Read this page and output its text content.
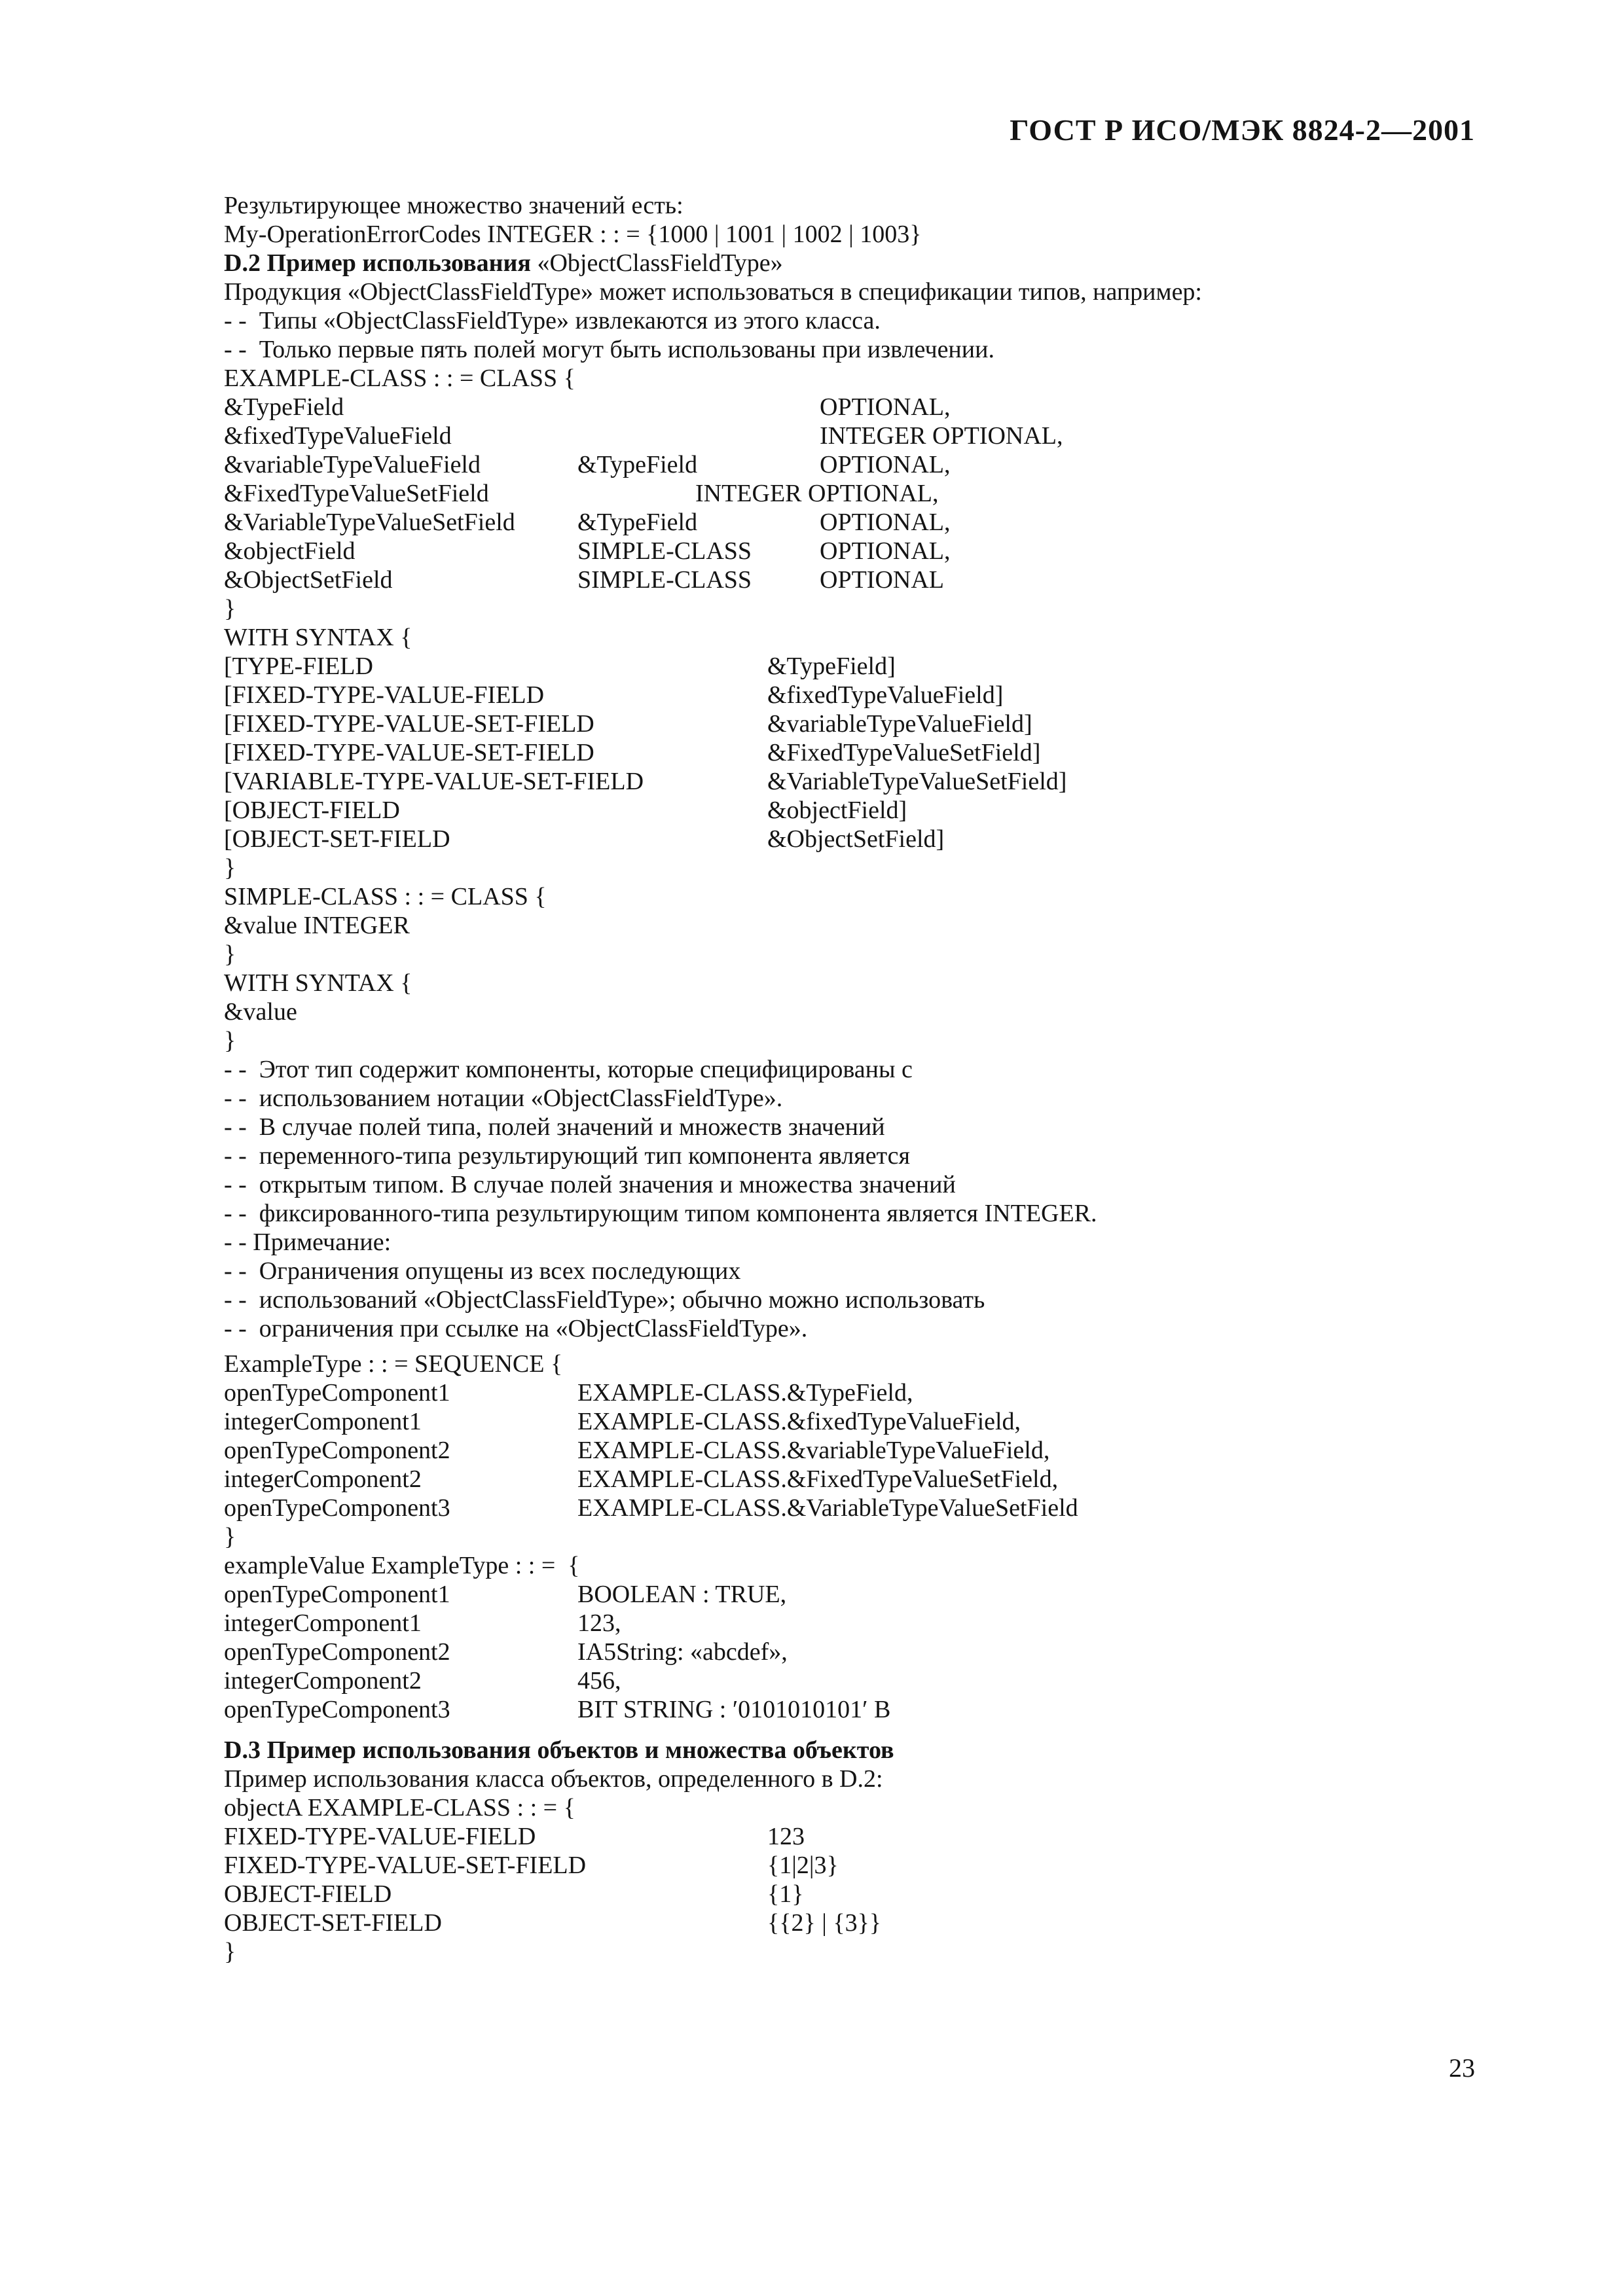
ГОСТ Р ИСО/МЭК 8824-2—2001
Результирующее множество значений есть:
My-OperationErrorCodes INTEGER : : = {1000 | 1001 | 1002 | 1003}
D.2 Пример использования «ObjectClassFieldType»
Продукция «ObjectClassFieldType» может использоваться в спецификации типов, например:
- -  Типы «ObjectClassFieldType» извлекаются из этого класса.
- -  Только первые пять полей могут быть использованы при извлечении.
EXAMPLE-CLASS : : = CLASS {
&TypeField	OPTIONAL,
&fixedTypeValueField	INTEGER OPTIONAL,
&variableTypeValueField	&TypeField	OPTIONAL,
&FixedTypeValueSetField	INTEGER OPTIONAL,
&VariableTypeValueSetField	&TypeField	OPTIONAL,
&objectField	SIMPLE-CLASS	OPTIONAL,
&ObjectSetField	SIMPLE-CLASS	OPTIONAL
}
WITH SYNTAX {
[TYPE-FIELD	&TypeField]
[FIXED-TYPE-VALUE-FIELD	&fixedTypeValueField]
[FIXED-TYPE-VALUE-SET-FIELD	&variableTypeValueField]
[FIXED-TYPE-VALUE-SET-FIELD	&FixedTypeValueSetField]
[VARIABLE-TYPE-VALUE-SET-FIELD	&VariableTypeValueSetField]
[OBJECT-FIELD	&objectField]
[OBJECT-SET-FIELD	&ObjectSetField]
}
SIMPLE-CLASS : : = CLASS {
&value INTEGER
}
WITH SYNTAX {
&value
}
- -  Этот тип содержит компоненты, которые специфицированы с
- -  использованием нотации «ObjectClassFieldType».
- -  В случае полей типа, полей значений и множеств значений
- -  переменного-типа результирующий тип компонента является
- -  открытым типом. В случае полей значения и множества значений
- -  фиксированного-типа результирующим типом компонента является INTEGER.
- - Примечание:
- -  Ограничения опущены из всех последующих
- -  использований «ObjectClassFieldType»; обычно можно использовать
- -  ограничения при ссылке на «ObjectClassFieldType».
ExampleType : : = SEQUENCE {
openTypeComponent1	EXAMPLE-CLASS.&TypeField,
integerComponent1	EXAMPLE-CLASS.&fixedTypeValueField,
openTypeComponent2	EXAMPLE-CLASS.&variableTypeValueField,
integerComponent2	EXAMPLE-CLASS.&FixedTypeValueSetField,
openTypeComponent3	EXAMPLE-CLASS.&VariableTypeValueSetField
}
exampleValue ExampleType : : =  {
openTypeComponent1	BOOLEAN : TRUE,
integerComponent1	123,
openTypeComponent2	IA5String: «abcdef»,
integerComponent2	456,
openTypeComponent3	BIT STRING : ′0101010101′ B
D.3 Пример использования объектов и множества объектов
Пример использования класса объектов, определенного в D.2:
objectA EXAMPLE-CLASS : : = {
FIXED-TYPE-VALUE-FIELD	123
FIXED-TYPE-VALUE-SET-FIELD	{1|2|3}
OBJECT-FIELD	{1}
OBJECT-SET-FIELD	{{2} | {3}}
}
23
